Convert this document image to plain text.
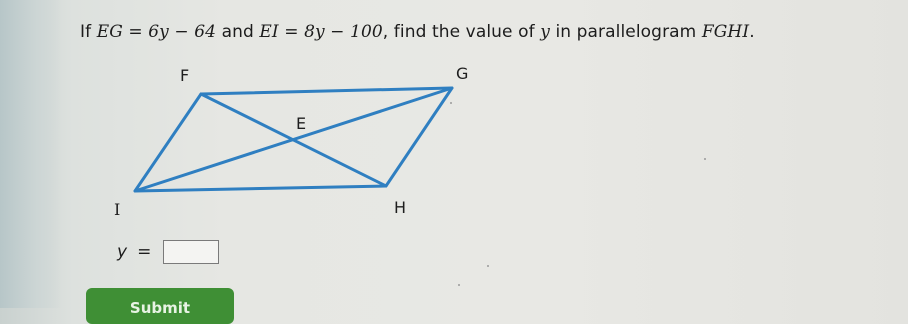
If EG = 6y − 64 and EI = 8y − 100, find the value of y in parallelogram FGHI.
F	G
E
I	H
y =
Submit
